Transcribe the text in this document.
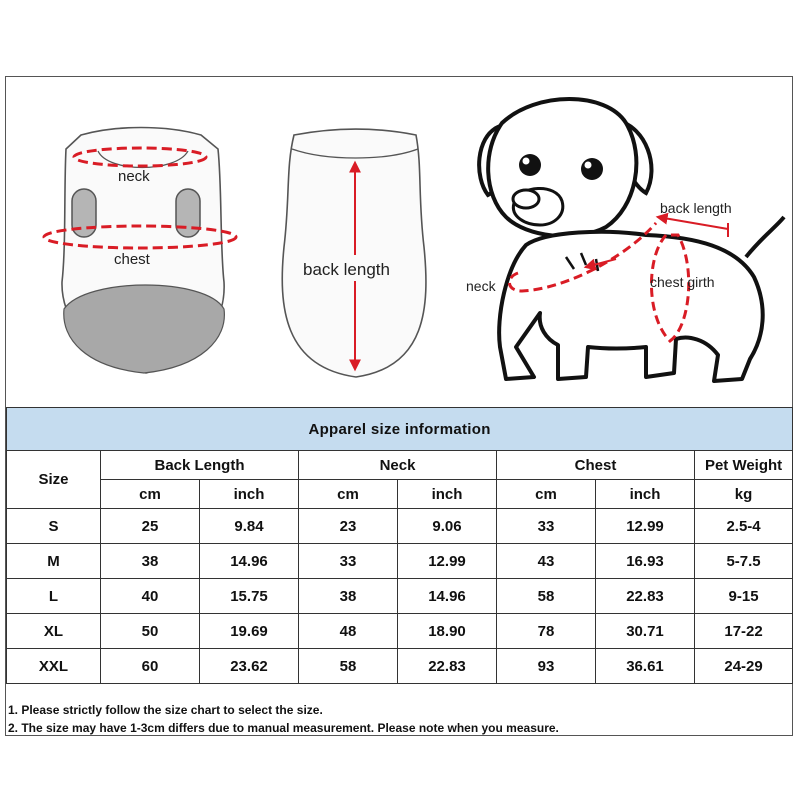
neck
chest
back length
neck
back length
chest girth
Apparel size information							
Size	Back Length		Neck		Chest		Pet Weight
	cm	inch	cm	inch	cm	inch	kg
S	25	9.84	23	9.06	33	12.99	2.5-4
M	38	14.96	33	12.99	43	16.93	5-7.5
L	40	15.75	38	14.96	58	22.83	9-15
XL	50	19.69	48	18.90	78	30.71	17-22
XXL	60	23.62	58	22.83	93	36.61	24-29
1. Please strictly follow the size chart to select the size.
2. The size may have 1-3cm differs due to manual measurement. Please note when you measure.
